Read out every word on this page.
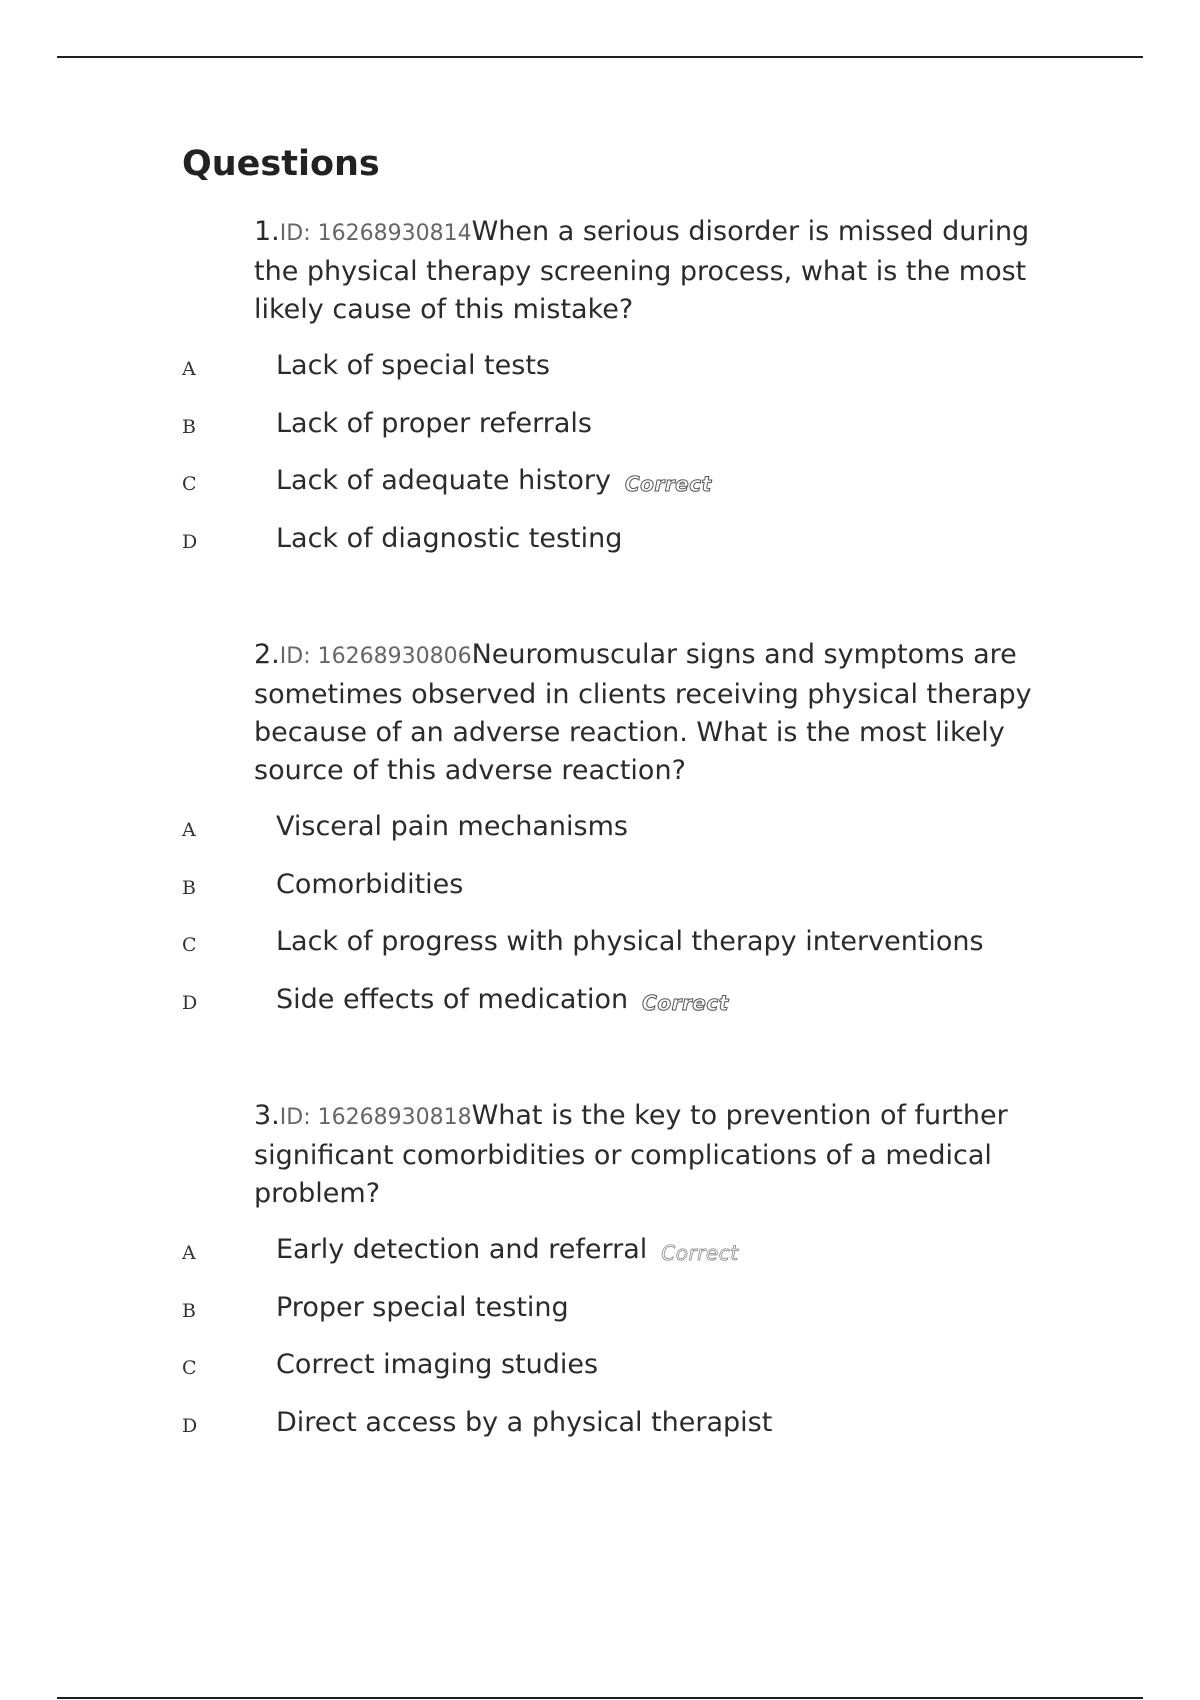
Questions

1.ID: 16268930814When a serious disorder is missed during the physical therapy screening process, what is the most likely cause of this mistake?

A	Lack of special tests
B	Lack of proper referrals
C	Lack of adequate history Correct
D	Lack of diagnostic testing

2.ID: 16268930806Neuromuscular signs and symptoms are sometimes observed in clients receiving physical therapy because of an adverse reaction. What is the most likely source of this adverse reaction?

A	Visceral pain mechanisms
B	Comorbidities
C	Lack of progress with physical therapy interventions
D	Side effects of medication Correct

3.ID: 16268930818What is the key to prevention of further significant comorbidities or complications of a medical problem?

A	Early detection and referral Correct
B	Proper special testing
C	Correct imaging studies
D	Direct access by a physical therapist
